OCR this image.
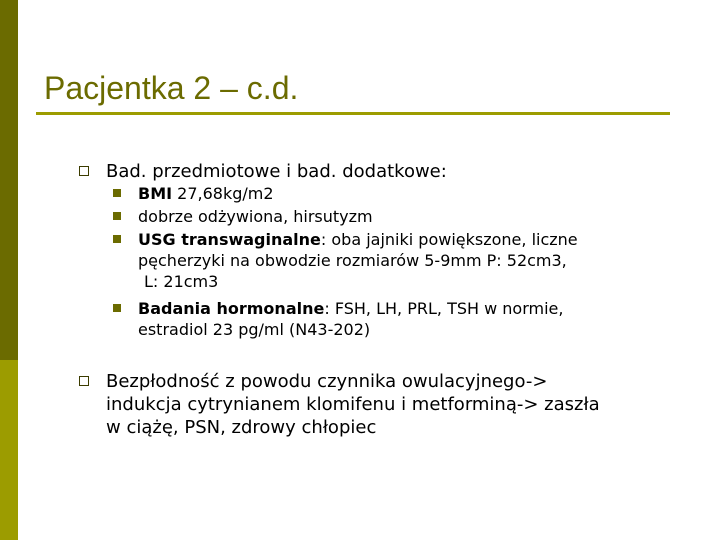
Pacjentka 2 – c.d.
Bad. przedmiotowe i bad. dodatkowe:
BMI 27,68kg/m2
dobrze odżywiona, hirsutyzm
USG transwaginalne: oba jajniki powiększone, liczne
pęcherzyki na obwodzie rozmiarów 5-9mm P: 52cm3,
L: 21cm3
Badania hormonalne: FSH, LH, PRL, TSH w normie,
estradiol 23 pg/ml (N43-202)
Bezpłodność z powodu czynnika owulacyjnego->
indukcja cytrynianem klomifenu i metforminą-> zaszła
w ciążę, PSN, zdrowy chłopiec
